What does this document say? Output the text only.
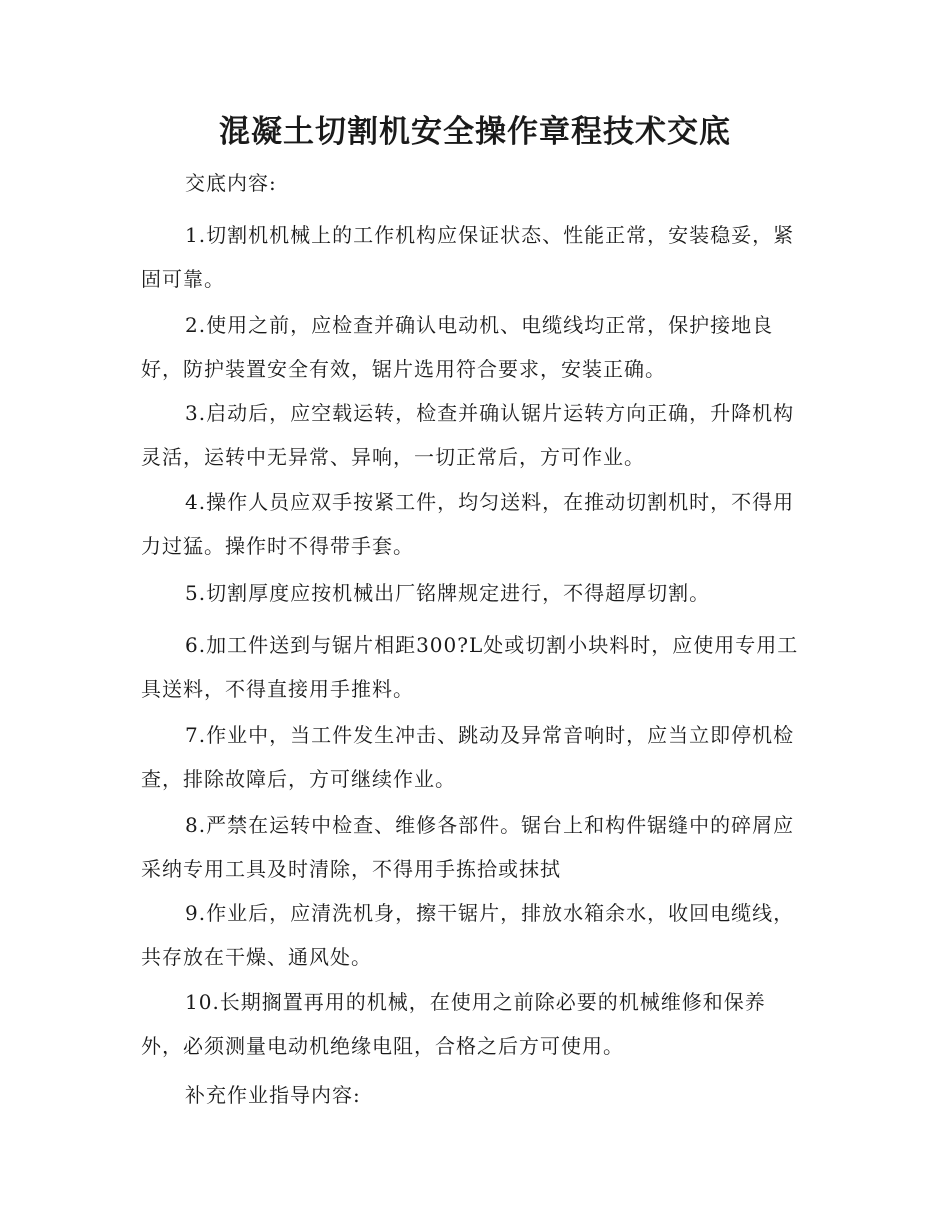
混凝土切割机安全操作章程技术交底

交底内容:

1.切割机机械上的工作机构应保证状态、性能正常，安装稳妥，紧固可靠。

2.使用之前，应检查并确认电动机、电缆线均正常，保护接地良好，防护装置安全有效，锯片选用符合要求，安装正确。

3.启动后，应空载运转，检查并确认锯片运转方向正确，升降机构灵活，运转中无异常、异响，一切正常后，方可作业。

4.操作人员应双手按紧工件，均匀送料，在推动切割机时，不得用力过猛。操作时不得带手套。

5.切割厚度应按机械出厂铭牌规定进行，不得超厚切割。

6.加工件送到与锯片相距300?L处或切割小块料时，应使用专用工具送料，不得直接用手推料。

7.作业中，当工件发生冲击、跳动及异常音响时，应当立即停机检查，排除故障后，方可继续作业。

8.严禁在运转中检查、维修各部件。锯台上和构件锯缝中的碎屑应采纳专用工具及时清除，不得用手拣拾或抹拭

9.作业后，应清洗机身，擦干锯片，排放水箱余水，收回电缆线，共存放在干燥、通风处。

10.长期搁置再用的机械，在使用之前除必要的机械维修和保养外，必须测量电动机绝缘电阻，合格之后方可使用。

补充作业指导内容:
